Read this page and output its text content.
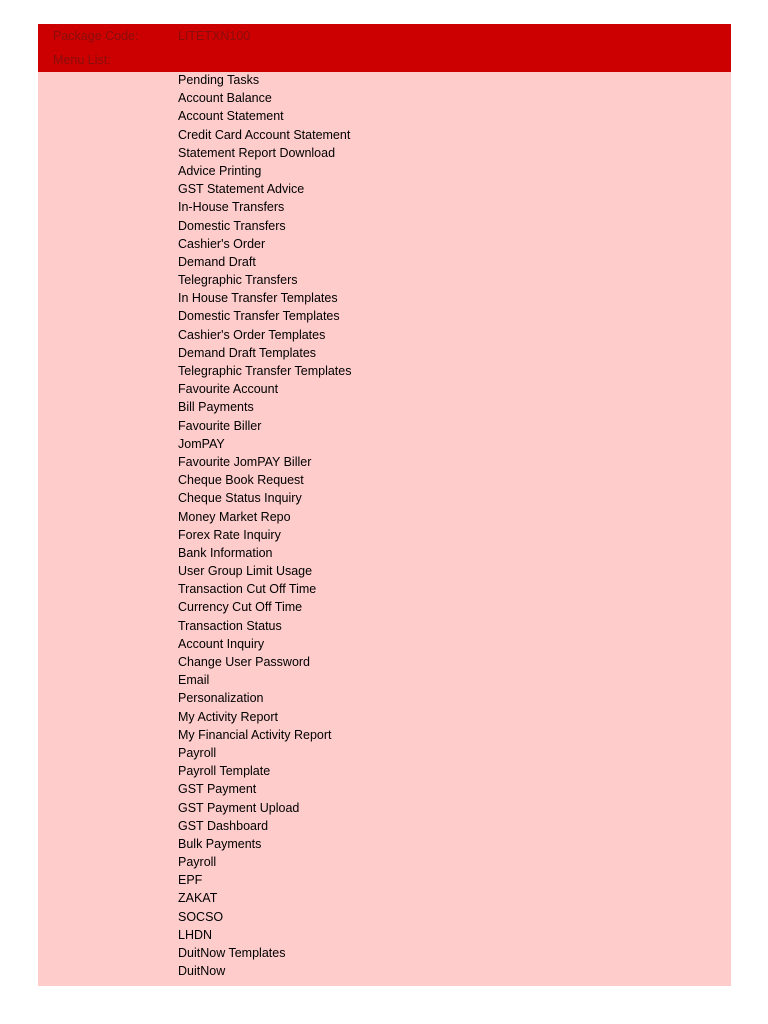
Package Code:	LITETXN100
Menu List:
Pending Tasks
Account Balance
Account Statement
Credit Card Account Statement
Statement Report Download
Advice Printing
GST Statement Advice
In-House Transfers
Domestic Transfers
Cashier's Order
Demand Draft
Telegraphic Transfers
In House Transfer Templates
Domestic Transfer Templates
Cashier's Order Templates
Demand Draft Templates
Telegraphic Transfer Templates
Favourite Account
Bill Payments
Favourite Biller
JomPAY
Favourite JomPAY Biller
Cheque Book Request
Cheque Status Inquiry
Money Market Repo
Forex Rate Inquiry
Bank Information
User Group Limit Usage
Transaction Cut Off Time
Currency Cut Off Time
Transaction Status
Account Inquiry
Change User Password
Email
Personalization
My Activity Report
My Financial Activity Report
Payroll
Payroll Template
GST Payment
GST Payment Upload
GST Dashboard
Bulk Payments
Payroll
EPF
ZAKAT
SOCSO
LHDN
DuitNow Templates
DuitNow
